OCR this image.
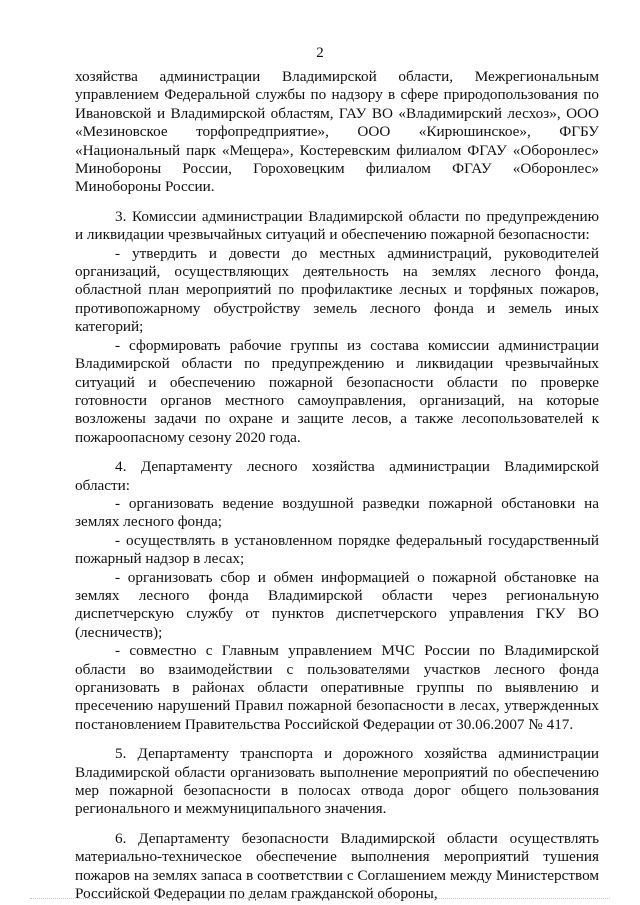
2

хозяйства администрации Владимирской области, Межрегиональным управлением Федеральной службы по надзору в сфере природопользования по Ивановской и Владимирской областям, ГАУ ВО «Владимирский лесхоз», ООО «Мезиновское торфопредприятие», ООО «Кирюшинское», ФГБУ «Национальный парк «Мещера», Костеревским филиалом ФГАУ «Оборонлес» Минобороны России, Гороховецким филиалом ФГАУ «Оборонлес» Минобороны России.

3. Комиссии администрации Владимирской области по предупреждению и ликвидации чрезвычайных ситуаций и обеспечению пожарной безопасности:

- утвердить и довести до местных администраций, руководителей организаций, осуществляющих деятельность на землях лесного фонда, областной план мероприятий по профилактике лесных и торфяных пожаров, противопожарному обустройству земель лесного фонда и земель иных категорий;

- сформировать рабочие группы из состава комиссии администрации Владимирской области по предупреждению и ликвидации чрезвычайных ситуаций и обеспечению пожарной безопасности области по проверке готовности органов местного самоуправления, организаций, на которые возложены задачи по охране и защите лесов, а также лесопользователей к пожароопасному сезону 2020 года.

4. Департаменту лесного хозяйства администрации Владимирской области:

- организовать ведение воздушной разведки пожарной обстановки на землях лесного фонда;

- осуществлять в установленном порядке федеральный государственный пожарный надзор в лесах;

- организовать сбор и обмен информацией о пожарной обстановке на землях лесного фонда Владимирской области через региональную диспетчерскую службу от пунктов диспетчерского управления ГКУ ВО (лесничеств);

- совместно с Главным управлением МЧС России по Владимирской области во взаимодействии с пользователями участков лесного фонда организовать в районах области оперативные группы по выявлению и пресечению нарушений Правил пожарной безопасности в лесах, утвержденных постановлением Правительства Российской Федерации от 30.06.2007 № 417.

5. Департаменту транспорта и дорожного хозяйства администрации Владимирской области организовать выполнение мероприятий по обеспечению мер пожарной безопасности в полосах отвода дорог общего пользования регионального и межмуниципального значения.

6. Департаменту безопасности Владимирской области осуществлять материально-техническое обеспечение выполнения мероприятий тушения пожаров на землях запаса в соответствии с Соглашением между Министерством Российской Федерации по делам гражданской обороны,
